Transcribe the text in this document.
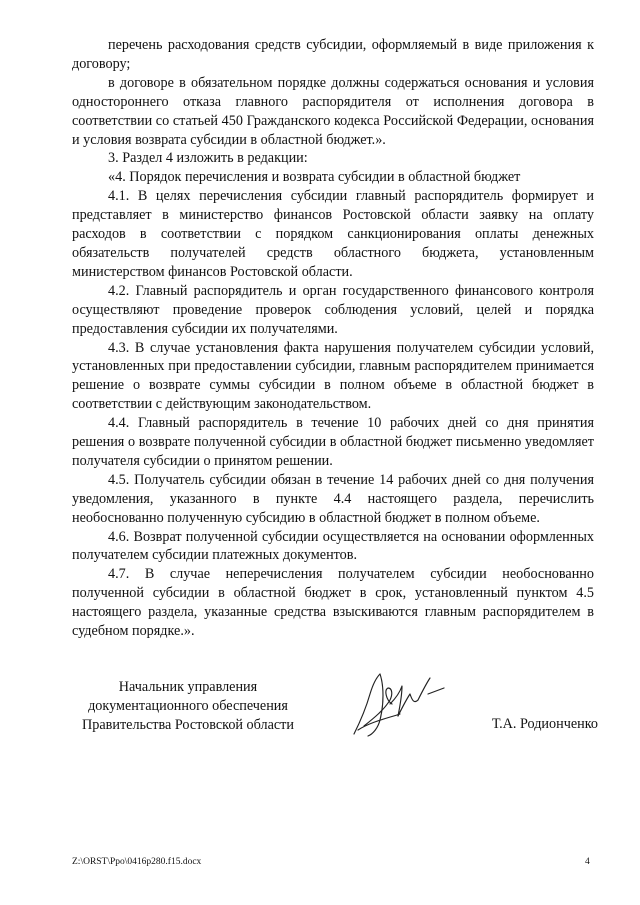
перечень расходования средств субсидии, оформляемый в виде приложения к договору;

в договоре в обязательном порядке должны содержаться основания и условия одностороннего отказа главного распорядителя от исполнения договора в соответствии со статьей 450 Гражданского кодекса Российской Федерации, основания и условия возврата субсидии в областной бюджет.».

3. Раздел 4 изложить в редакции:

«4. Порядок перечисления и возврата субсидии в областной бюджет

4.1. В целях перечисления субсидии главный распорядитель формирует и представляет в министерство финансов Ростовской области заявку на оплату расходов в соответствии с порядком санкционирования оплаты денежных обязательств получателей средств областного бюджета, установленным министерством финансов Ростовской области.

4.2. Главный распорядитель и орган государственного финансового контроля осуществляют проведение проверок соблюдения условий, целей и порядка предоставления субсидии их получателями.

4.3. В случае установления факта нарушения получателем субсидии условий, установленных при предоставлении субсидии, главным распорядителем принимается решение о возврате суммы субсидии в полном объеме в областной бюджет в соответствии с действующим законодательством.

4.4. Главный распорядитель в течение 10 рабочих дней со дня принятия решения о возврате полученной субсидии в областной бюджет письменно уведомляет получателя субсидии о принятом решении.

4.5. Получатель субсидии обязан в течение 14 рабочих дней со дня получения уведомления, указанного в пункте 4.4 настоящего раздела, перечислить необоснованно полученную субсидию в областной бюджет в полном объеме.

4.6. Возврат полученной субсидии осуществляется на основании оформленных получателем субсидии платежных документов.

4.7. В случае неперечисления получателем субсидии необоснованно полученной субсидии в областной бюджет в срок, установленный пунктом 4.5 настоящего раздела, указанные средства взыскиваются главным распорядителем в судебном порядке.».

Начальник управления
документационного обеспечения
Правительства Ростовской области	Т.А. Родионченко
Z:\ORST\Ppo\0416p280.f15.docx	4
